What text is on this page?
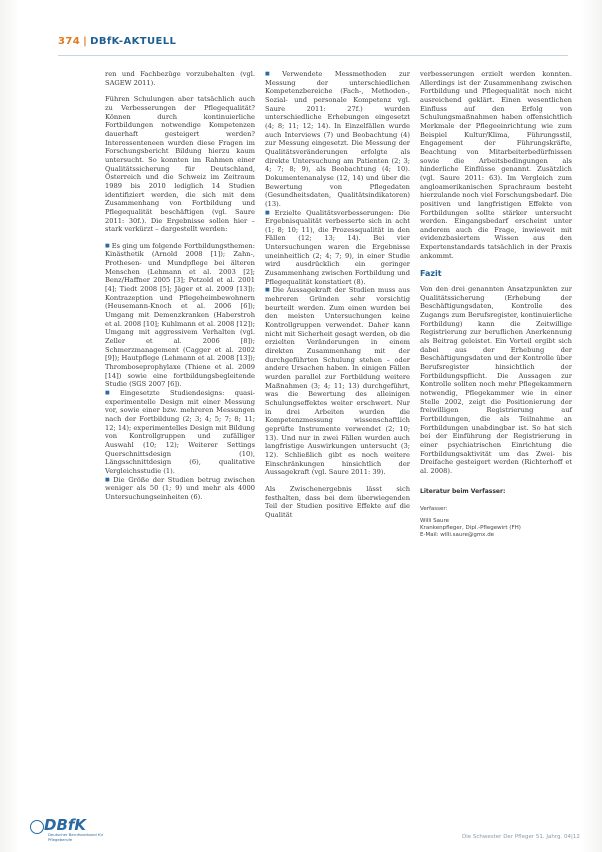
374 | DBfK-AKTUELL

ren und Fachbezüge vorzubehalten (vgl. SAGEW 2011).

Führen Schulungen aber tatsächlich auch zu Verbesserungen der Pflegequalität? Können durch kontinuierliche Fortbildungen notwendige Kompetenzen dauerhaft gesteigert werden? Interessenteneen wurden diese Fragen im Forschungsbericht Bildung hierzu kaum untersucht. So konnten im Rahmen einer Qualitätssicherung für Deutschland, Österreich und die Schweiz im Zeitraum 1989 bis 2010 lediglich 14 Studien identifiziert werden, die sich mit dem Zusammenhang von Fortbildung und Pflegequalität beschäftigen (vgl. Saure 2011: 30f.). Die Ergebnisse sollen hier – stark verkürzt – dargestellt werden:

■ Es ging um folgende Fortbildungsthemen: Kinästhetik (Arnold 2008 [1]); Zahn-, Prothesen- und Mundpflege bei älteren Menschen (Lehmann et al. 2003 [2]; Benz/Haffner 2005 [3]; Petzold et al. 2001 [4]; Tiedt 2008 [5]; Jäger et al. 2009 [13]); Kontrazeption und Pflegeheimbewohnern (Heusemann-Knoch et al. 2006 [6]); Umgang mit Demenzkranken (Haberstroh et al. 2008 [10]; Kuhlmann et al. 2008 [12]); Umgang mit aggressivem Verhalten (vgl. Zeller et al. 2006 [8]); Schmerzmanagement (Cagger et al. 2002 [9]); Hautpflege (Lehmann et al. 2008 [13]); Thromboseprophylaxe (Thiene et al. 2009 [14]) sowie eine fortbildungsbegleitende Studie (SGS 2007 [6]).

■ Eingesetzte Studiendesigns: quasi-experimentelle Design mit einer Messung vor, sowie einer bzw. mehreren Messungen nach der Fortbildung (2; 3; 4; 5; 7; 8; 11; 12; 14); experimentelles Design mit Bildung von Kontrollgruppen und zufälliger Auswahl (10; 12); Weiterer Settings Querschnittsdesign (10), Längsschnittdesign (6), qualitative Vergleichsstudie (1).

■ Die Größe der Studien betrug zwischen weniger als 50 (1; 9) und mehr als 4000 Untersuchungseinheiten (6).

■ Verwendete Messmethoden zur Messung der unterschiedlichen Kompetenzbereiche (Fach-, Methoden-, Sozial- und personale Kompetenz vgl. Saure 2011: 27f.) wurden unterschiedliche Erhebungen eingesetzt (4; 8; 11; 12; 14). In Einzelfällen wurde auch Interviews (7) und Beobachtung (4) zur Messung eingesetzt. Die Messung der Qualitätsveränderungen erfolgte als direkte Untersuchung am Patienten (2; 3; 4; 7; 8; 9), als Beobachtung (4; 10). Dokumentenanalyse (12, 14) und über die Bewertung von Pflegedaten (Gesundheitsdaten, Qualitätsindikatoren) (13).

■ Erzielte Qualitätsverbesserungen: Die Ergebnisqualität verbesserte sich in acht (1; 8; 10; 11), die Prozessqualität in den Fällen (12; 13; 14). Bei vier Untersuchungen waren die Ergebnisse uneinheitlich (2; 4; 7; 9), in einer Studie wird ausdrücklich ein geringer Zusammenhang zwischen Fortbildung und Pflegequalität konstatiert (8).

■ Die Aussagekraft der Studien muss aus mehreren Gründen sehr vorsichtig beurteilt werden. Zum einen wurden bei den meisten Untersuchungen keine Kontrollgruppen verwendet. Daher kann nicht mit Sicherheit gesagt werden, ob die erzielten Veränderungen in einem direkten Zusammenhang mit der durchgeführten Schulung stehen – oder andere Ursachen haben. In einigen Fällen wurden parallel zur Fortbildung weitere Maßnahmen (3; 4; 11; 13) durchgeführt, was die Bewertung des alleinigen Schulungseffektes weiter erschwert. Nur in drei Arbeiten wurden die Kompetenzmessung wissenschaftlich geprüfte Instrumente verwendet (2; 10; 13). Und nur in zwei Fällen wurden auch langfristige Auswirkungen untersucht (3; 12). Schließlich gibt es noch weitere Einschränkungen hinsichtlich der Aussagekraft (vgl. Saure 2011: 39).

Als Zwischenergebnis lässt sich festhalten, dass bei dem überwiegenden Teil der Studien positive Effekte auf die Qualität

verbesserungen erzielt werden konnten. Allerdings ist der Zusammenhang zwischen Fortbildung und Pflegequalität noch nicht ausreichend geklärt. Einen wesentlichen Einfluss auf den Erfolg von Schulungsmaßnahmen haben offensichtlich Merkmale der Pflegeeinrichtung wie zum Beispiel Kultur/Klima, Führungsstil, Engagement der Führungskräfte, Beachtung von Mitarbeiterbedürfnissen sowie die Arbeitsbedingungen als hinderliche Einflüsse genannt. Zusätzlich (vgl. Saure 2011: 63). Im Vergleich zum angloamerikanischen Sprachraum besteht hierzulande noch viel Forschungsbedarf. Die positiven und langfristigen Effekte von Fortbildungen sollte stärker untersucht werden. Eingangsbedarf erscheint unter anderem auch die Frage, inwieweit mit evidenzbasiertem Wissen aus den Expertenstandards tatsächlich in der Praxis ankommt.

Fazit

Von den drei genannten Ansatzpunkten zur Qualitätssicherung (Erhebung der Beschäftigungsdaten, Kontrolle des Zugangs zum Berufsregister, kontinuierliche Fortbildung) kann die Zeitwillige Registrierung zur beruflichen Anerkennung als Beitrag geleistet. Ein Vorteil ergibt sich dabei aus der Erhebung der Beschäftigungsdaten und der Kontrolle über Berufsregister hinsichtlich der Fortbildungspflicht. Die Aussagen zur Kontrolle sollten noch mehr Pflegekammern notwendig, Pflegekammer wie in einer Stelle 2002, zeigt die Positionierung der freiwilligen Registrierung auf Fortbildungen, die als Teilnahme an Fortbildungen unabdingbar ist. So hat sich bei der Einführung der Registrierung in einer psychiatrischen Einrichtung die Fortbildungsaktivität um das Zwei- bis Dreifache gesteigert werden (Richterhoff et al. 2008).

Literatur beim Verfasser:
Verfasser:
Willi Saure
Krankenpfleger, Dipl.-Pflegewirt (FH)
E-Mail: willi.saure@gmx.de
DBfK
Deutscher Berufsverband für Pflegeberufe	Die Schwester Der Pfleger 51. Jahrg. 04|12
